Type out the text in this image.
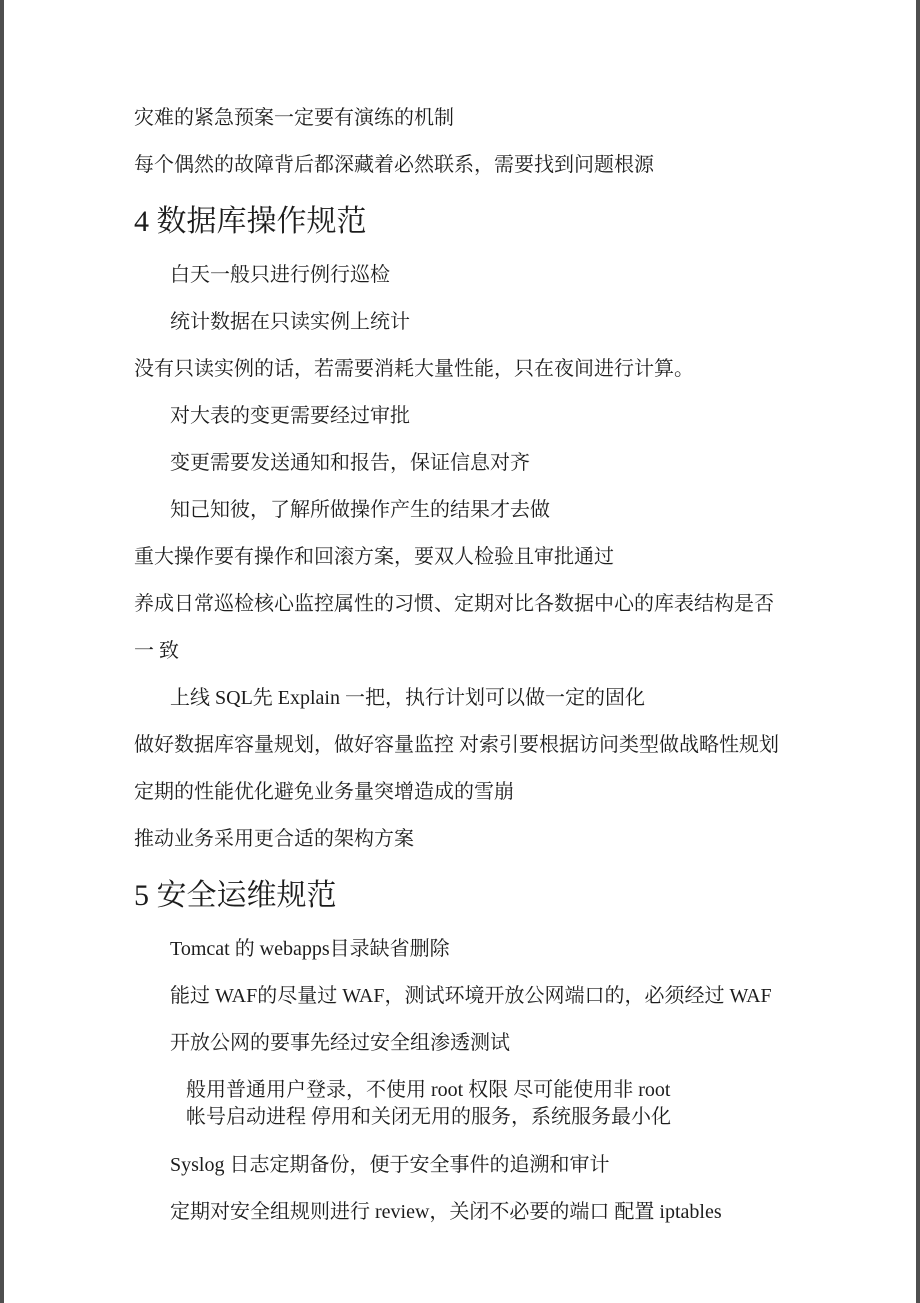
灾难的紧急预案一定要有演练的机制

每个偶然的故障背后都深藏着必然联系，需要找到问题根源

4 数据库操作规范

白天一般只进行例行巡检

统计数据在只读实例上统计

没有只读实例的话，若需要消耗大量性能，只在夜间进行计算。

对大表的变更需要经过审批

变更需要发送通知和报告，保证信息对齐

知己知彼，了解所做操作产生的结果才去做

重大操作要有操作和回滚方案，要双人检验且审批通过

养成日常巡检核心监控属性的习惯、定期对比各数据中心的库表结构是否

一 致

上线 SQL先 Explain 一把，执行计划可以做一定的固化

做好数据库容量规划，做好容量监控 对索引要根据访问类型做战略性规划

定期的性能优化避免业务量突增造成的雪崩

推动业务采用更合适的架构方案

5 安全运维规范

Tomcat 的 webapps目录缺省删除

能过 WAF的尽量过 WAF，测试环境开放公网端口的，必须经过 WAF

开放公网的要事先经过安全组渗透测试

般用普通用户登录，不使用 root 权限 尽可能使用非 root
帐号启动进程 停用和关闭无用的服务，系统服务最小化

Syslog 日志定期备份，便于安全事件的追溯和审计

定期对安全组规则进行 review，关闭不必要的端口 配置 iptables
